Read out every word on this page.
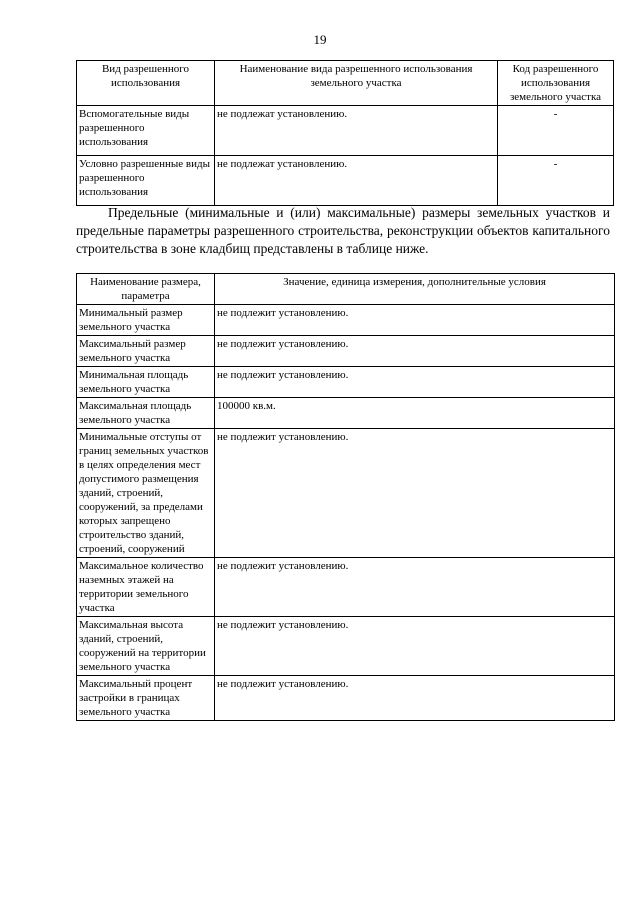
19
Вид разрешенного использования	Наименование вида разрешенного использования земельного участка	Код разрешенного использования земельного участка
Вспомогательные виды разрешенного использования	не подлежат установлению.	-
Условно разрешенные виды разрешенного использования	не подлежат установлению.	-
Предельные (минимальные и (или) максимальные) размеры земельных участков и предельные параметры разрешенного строительства, реконструкции объектов капитального строительства в зоне кладбищ представлены в таблице ниже.
Наименование размера, параметра	Значение, единица измерения, дополнительные условия
Минимальный размер земельного участка	не подлежит установлению.
Максимальный размер земельного участка	не подлежит установлению.
Минимальная площадь земельного участка	не подлежит установлению.
Максимальная площадь земельного участка	100000 кв.м.
Минимальные отступы от границ земельных участков в целях определения мест допустимого размещения зданий, строений, сооружений, за пределами которых запрещено строительство зданий, строений, сооружений	не подлежит установлению.
Максимальное количество наземных этажей на территории земельного участка	не подлежит установлению.
Максимальная высота зданий, строений, сооружений на территории земельного участка	не подлежит установлению.
Максимальный процент застройки в границах земельного участка	не подлежит установлению.
